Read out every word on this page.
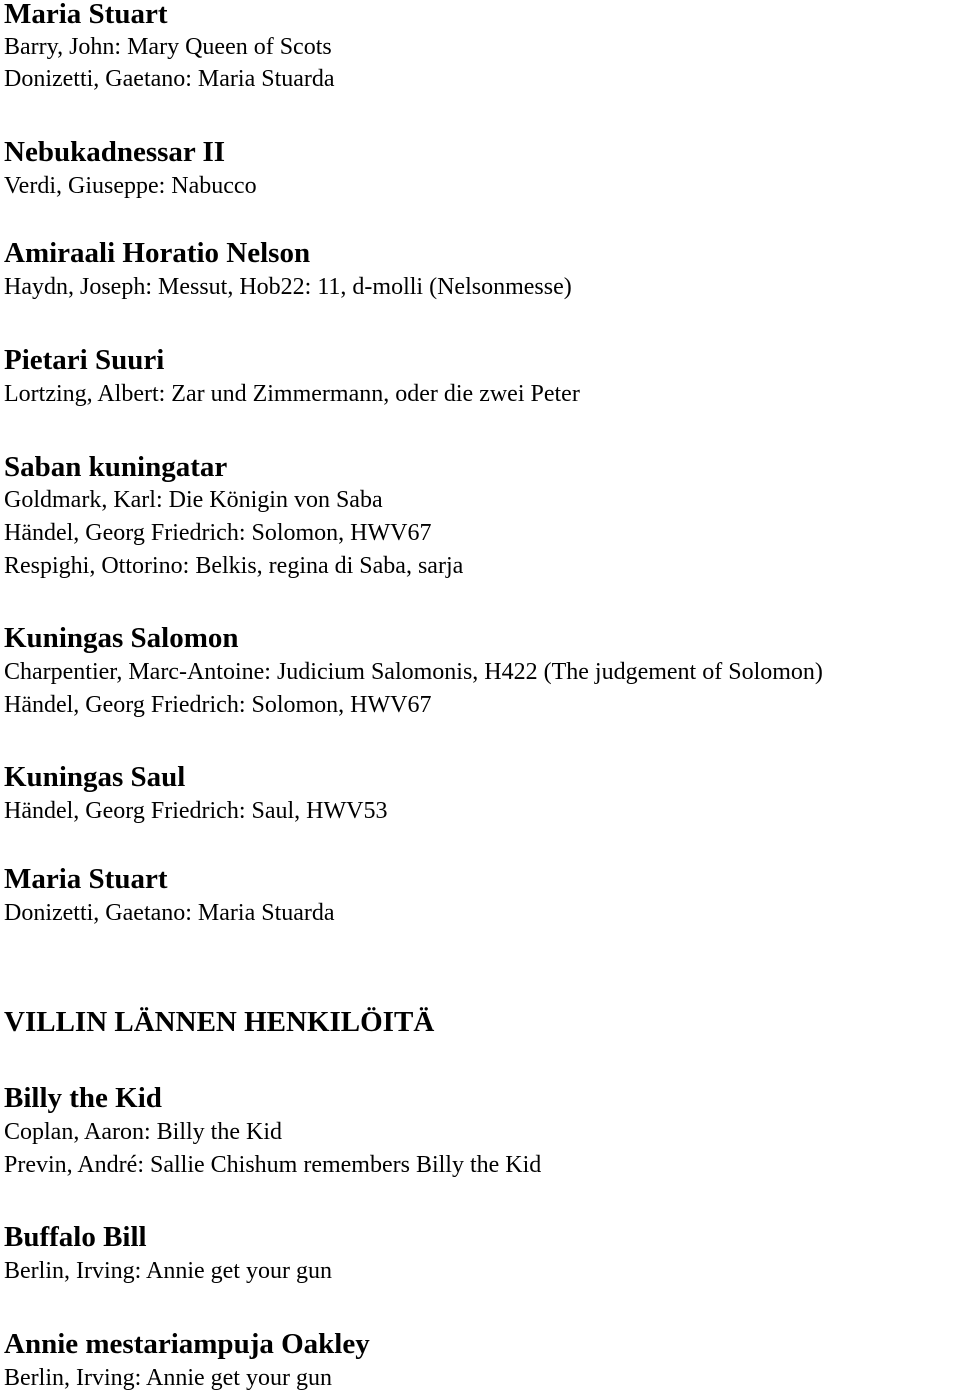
Maria Stuart

Barry, John: Mary Queen of Scots

Donizetti, Gaetano: Maria Stuarda

Nebukadnessar II

Verdi, Giuseppe: Nabucco

Amiraali Horatio Nelson

Haydn, Joseph: Messut, Hob22: 11, d-molli (Nelsonmesse)

Pietari Suuri

Lortzing, Albert: Zar und Zimmermann, oder die zwei Peter

Saban kuningatar

Goldmark, Karl: Die Königin von Saba

Händel, Georg Friedrich: Solomon, HWV67

Respighi, Ottorino: Belkis, regina di Saba, sarja

Kuningas Salomon

Charpentier, Marc-Antoine: Judicium Salomonis, H422 (The judgement of Solomon)

Händel, Georg Friedrich: Solomon, HWV67

Kuningas Saul

Händel, Georg Friedrich: Saul, HWV53

Maria Stuart

Donizetti, Gaetano: Maria Stuarda

VILLIN LÄNNEN HENKILÖITÄ

Billy the Kid

Coplan, Aaron: Billy the Kid

Previn, André: Sallie Chishum remembers Billy the Kid

Buffalo Bill

Berlin, Irving: Annie get your gun

Annie mestariampuja Oakley

Berlin, Irving: Annie get your gun
